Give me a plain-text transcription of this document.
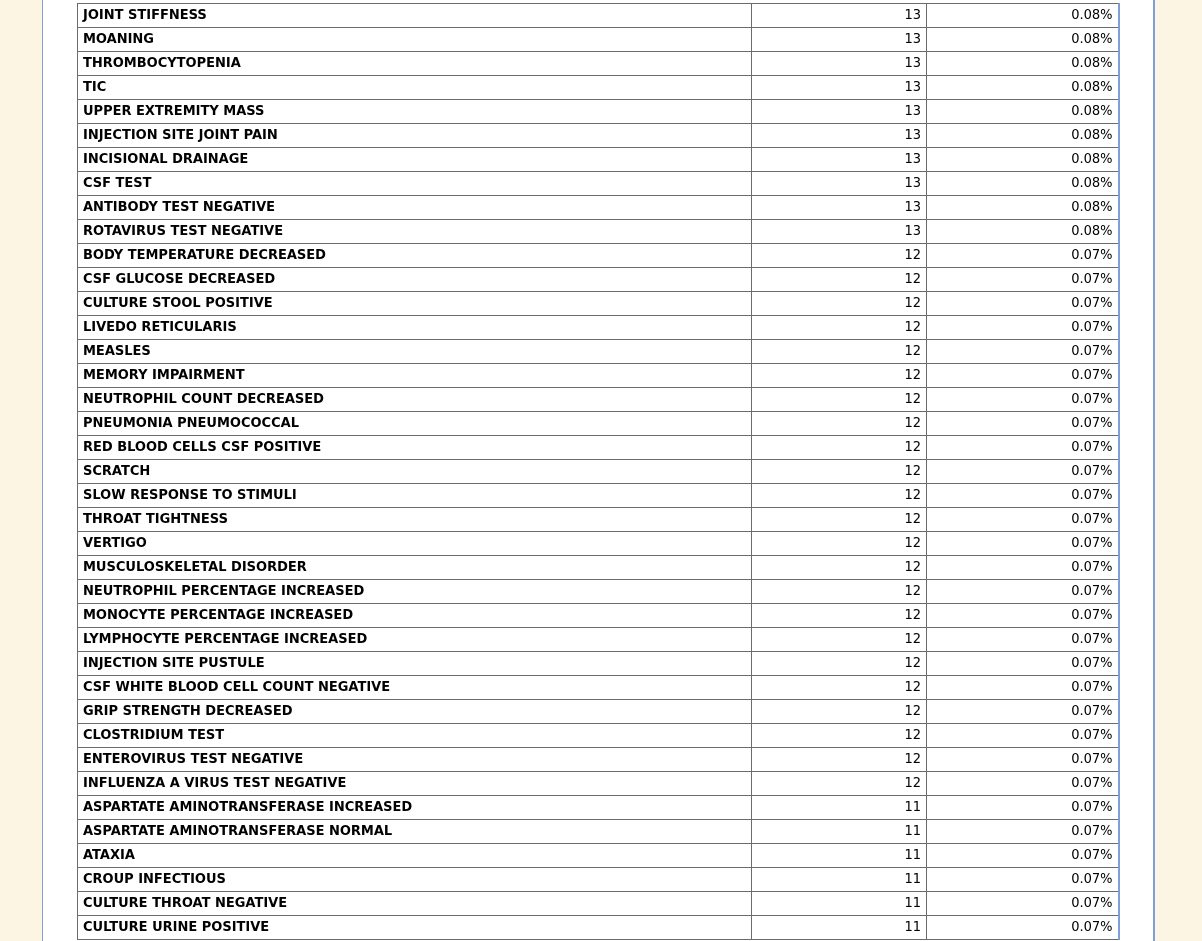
JOINT STIFFNESS	13	0.08%
MOANING	13	0.08%
THROMBOCYTOPENIA	13	0.08%
TIC	13	0.08%
UPPER EXTREMITY MASS	13	0.08%
INJECTION SITE JOINT PAIN	13	0.08%
INCISIONAL DRAINAGE	13	0.08%
CSF TEST	13	0.08%
ANTIBODY TEST NEGATIVE	13	0.08%
ROTAVIRUS TEST NEGATIVE	13	0.08%
BODY TEMPERATURE DECREASED	12	0.07%
CSF GLUCOSE DECREASED	12	0.07%
CULTURE STOOL POSITIVE	12	0.07%
LIVEDO RETICULARIS	12	0.07%
MEASLES	12	0.07%
MEMORY IMPAIRMENT	12	0.07%
NEUTROPHIL COUNT DECREASED	12	0.07%
PNEUMONIA PNEUMOCOCCAL	12	0.07%
RED BLOOD CELLS CSF POSITIVE	12	0.07%
SCRATCH	12	0.07%
SLOW RESPONSE TO STIMULI	12	0.07%
THROAT TIGHTNESS	12	0.07%
VERTIGO	12	0.07%
MUSCULOSKELETAL DISORDER	12	0.07%
NEUTROPHIL PERCENTAGE INCREASED	12	0.07%
MONOCYTE PERCENTAGE INCREASED	12	0.07%
LYMPHOCYTE PERCENTAGE INCREASED	12	0.07%
INJECTION SITE PUSTULE	12	0.07%
CSF WHITE BLOOD CELL COUNT NEGATIVE	12	0.07%
GRIP STRENGTH DECREASED	12	0.07%
CLOSTRIDIUM TEST	12	0.07%
ENTEROVIRUS TEST NEGATIVE	12	0.07%
INFLUENZA A VIRUS TEST NEGATIVE	12	0.07%
ASPARTATE AMINOTRANSFERASE INCREASED	11	0.07%
ASPARTATE AMINOTRANSFERASE NORMAL	11	0.07%
ATAXIA	11	0.07%
CROUP INFECTIOUS	11	0.07%
CULTURE THROAT NEGATIVE	11	0.07%
CULTURE URINE POSITIVE	11	0.07%
